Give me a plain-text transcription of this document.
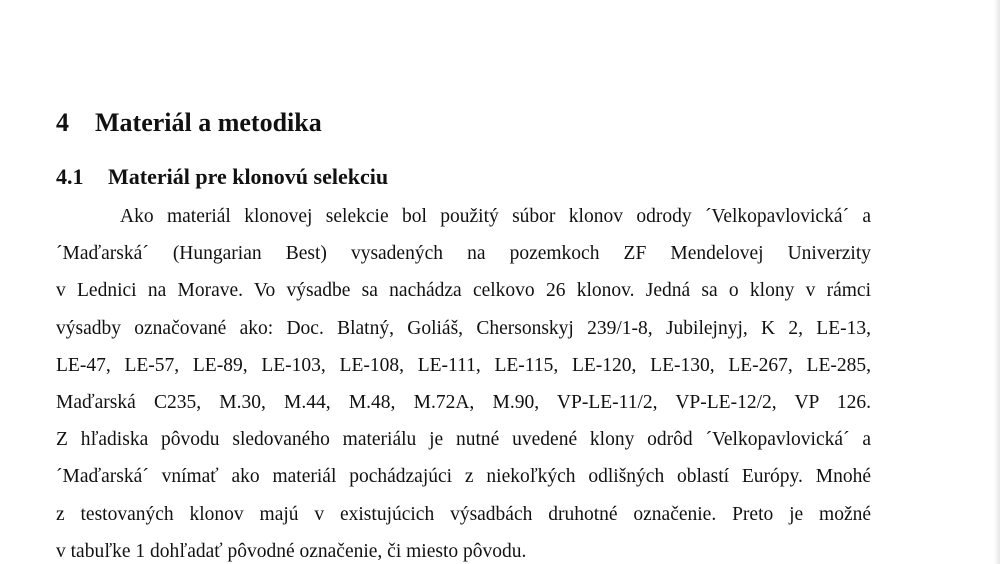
4 Materiál a metodika
4.1 Materiál pre klonovú selekciu
Ako materiál klonovej selekcie bol použitý súbor klonov odrody ´Velkopavlovická´ a
´Maďarská´ (Hungarian Best) vysadených na pozemkoch ZF Mendelovej Univerzity
v Lednici na Morave. Vo výsadbe sa nachádza celkovo 26 klonov. Jedná sa o klony v rámci
výsadby označované ako: Doc. Blatný, Goliáš, Chersonskyj 239/1-8, Jubilejnyj, K 2, LE-13,
LE-47, LE-57, LE-89, LE-103, LE-108, LE-111, LE-115, LE-120, LE-130, LE-267, LE-285,
Maďarská C235, M.30, M.44, M.48, M.72A, M.90, VP-LE-11/2, VP-LE-12/2, VP 126.
Z hľadiska pôvodu sledovaného materiálu je nutné uvedené klony odrôd ´Velkopavlovická´ a
´Maďarská´ vnímať ako materiál pochádzajúci z niekoľkých odlišných oblastí Európy. Mnohé
z testovaných klonov majú v existujúcich výsadbách druhotné označenie. Preto je možné
v tabuľke 1 dohľadať pôvodné označenie, či miesto pôvodu.
